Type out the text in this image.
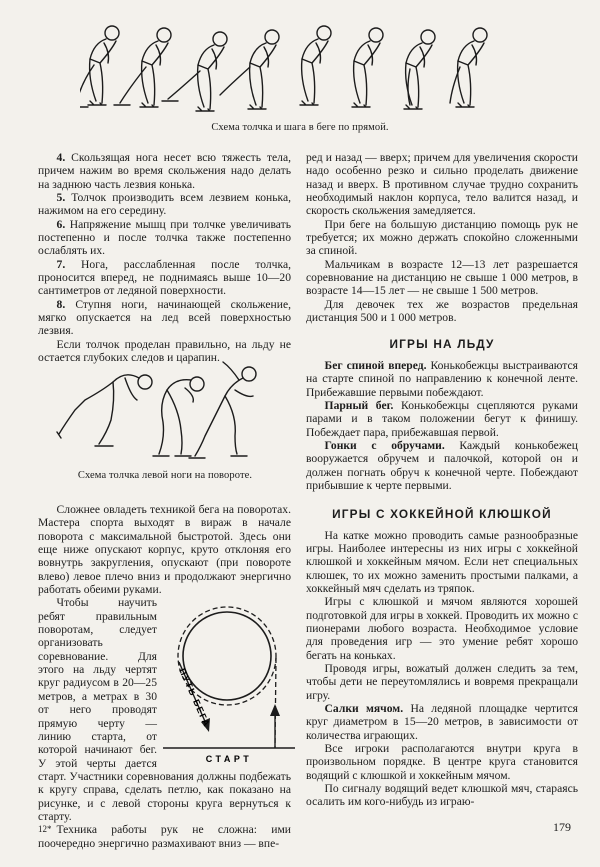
Схема толчка и шага в беге по прямой.

4. Скользящая нога несет всю тяжесть тела, причем нажим во время скольжения надо делать на заднюю часть лезвия конька.

5. Толчок производить всем лезвием конька, нажимом на его середину.

6. Напряжение мышц при толчке увеличивать постепенно и после толчка также постепенно ослаблять их.

7. Нога, расслабленная после толчка, проносится вперед, не поднимаясь выше 10—20 сантиметров от ледяной поверхности.

8. Ступня ноги, начинающей скольжение, мягко опускается на лед всей поверхностью лезвия.

Если толчок проделан правильно, на льду не остается глубоких следов и царапин.

Схема толчка левой ноги на повороте.

Сложнее овладеть техникой бега на поворотах. Мастера спорта выходят в вираж в начале поворота с максимальной быстротой. Здесь они еще ниже опускают корпус, круто отклоняя его вовнутрь закругления, опускают (при повороте влево) левое плечо вниз и продолжают энергично работать обеими руками.

ПУТЬ БЕГА
СТАРТ

Чтобы научить ребят правильным поворотам, следует организовать соревнование. Для этого на льду чертят круг радиусом в 20—25 метров, а метрах в 30 от него проводят прямую черту — линию старта, от которой начинают бег. У этой черты дается старт. Участники соревнования должны подбежать к кругу справа, сделать петлю, как показано на рисунке, и с левой стороны круга вернуться к старту.

Техника работы рук не сложна: ими поочередно энергично размахивают вниз — впе-

12*

ред и назад — вверх; причем для увеличения скорости надо особенно резко и сильно проделать движение назад и вверх. В противном случае трудно сохранить необходимый наклон корпуса, тело валится назад, и скорость скольжения замедляется.

При беге на большую дистанцию помощь рук не требуется; их можно держать спокойно сложенными за спиной.

Мальчикам в возрасте 12—13 лет разрешается соревнование на дистанцию не свыше 1 000 метров, в возрасте 14—15 лет — не свыше 1 500 метров.

Для девочек тех же возрастов предельная дистанция 500 и 1 000 метров.

ИГРЫ НА ЛЬДУ

Бег спиной вперед. Конькобежцы выстраиваются на старте спиной по направлению к конечной ленте. Прибежавшие первыми побеждают.

Парный бег. Конькобежцы сцепляются руками парами и в таком положении бегут к финишу. Побеждает пара, прибежавшая первой.

Гонки с обручами. Каждый конькобежец вооружается обручем и палочкой, которой он и должен погнать обруч к конечной черте. Побеждают прибывшие к черте первыми.

ИГРЫ С ХОККЕЙНОЙ КЛЮШКОЙ

На катке можно проводить самые разнообразные игры. Наиболее интересны из них игры с хоккейной клюшкой и хоккейным мячом. Если нет специальных клюшек, то их можно заменить простыми палками, а хоккейный мяч сделать из тряпок.

Игры с клюшкой и мячом являются хорошей подготовкой для игры в хоккей. Проводить их можно с пионерами любого возраста. Необходимое условие для проведения игр — это умение ребят хорошо бегать на коньках.

Проводя игры, вожатый должен следить за тем, чтобы дети не переутомлялись и вовремя прекращали игру.

Салки мячом. На ледяной площадке чертится круг диаметром в 15—20 метров, в зависимости от количества играющих.

Все игроки располагаются внутри круга в произвольном порядке. В центре круга становится водящий с клюшкой и хоккейным мячом.

По сигналу водящий ведет клюшкой мяч, стараясь осалить им кого-нибудь из играю-

179
